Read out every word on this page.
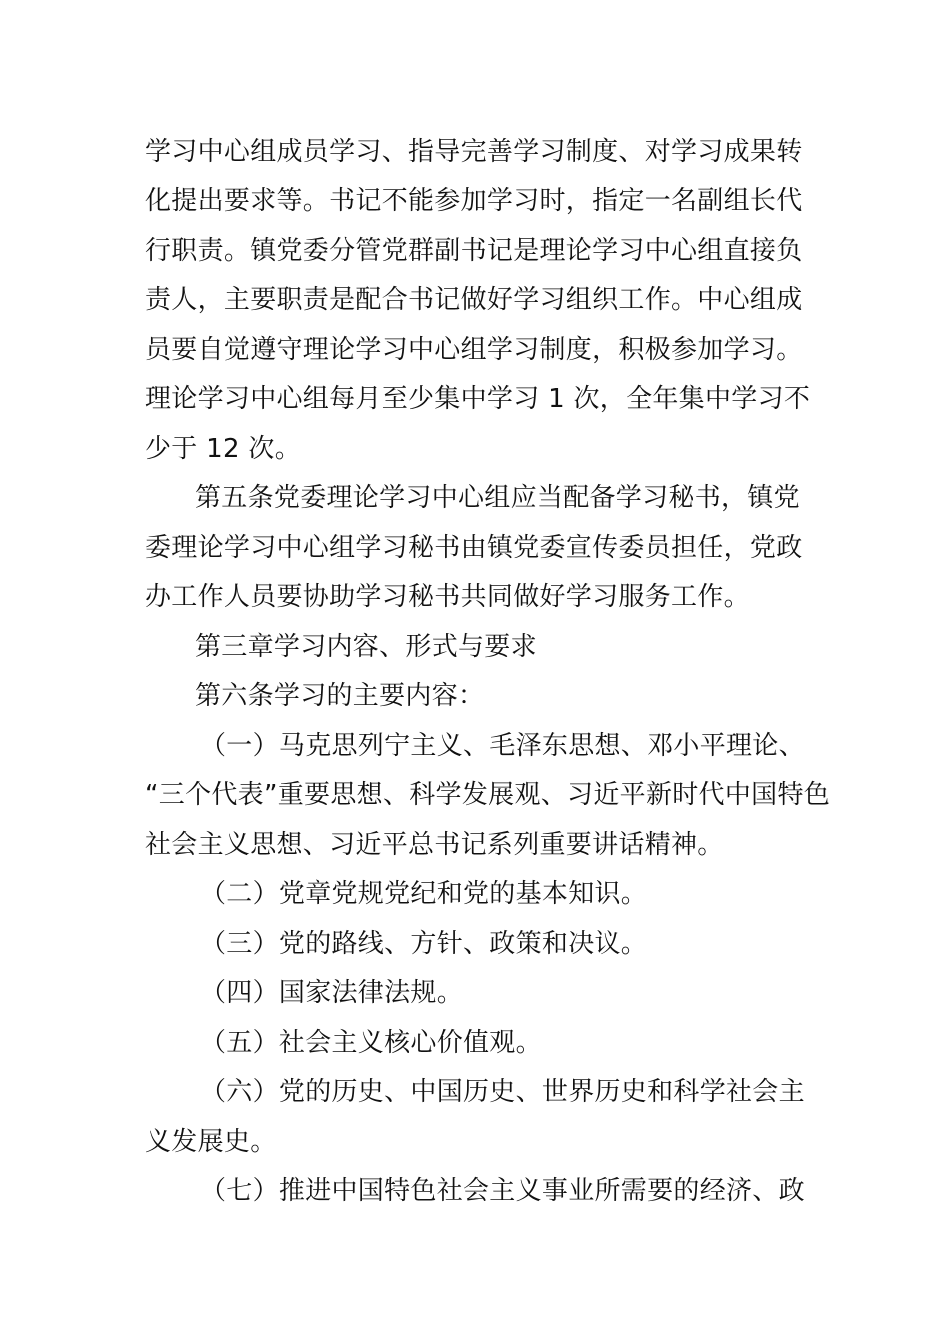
学习中心组成员学习、指导完善学习制度、对学习成果转
化提出要求等。书记不能参加学习时，指定一名副组长代
行职责。镇党委分管党群副书记是理论学习中心组直接负
责人，主要职责是配合书记做好学习组织工作。中心组成
员要自觉遵守理论学习中心组学习制度，积极参加学习。
理论学习中心组每月至少集中学习 1 次，全年集中学习不
少于 12 次。
第五条党委理论学习中心组应当配备学习秘书，镇党
委理论学习中心组学习秘书由镇党委宣传委员担任，党政
办工作人员要协助学习秘书共同做好学习服务工作。
第三章学习内容、形式与要求
第六条学习的主要内容：
（一）马克思列宁主义、毛泽东思想、邓小平理论、
“三个代表”重要思想、科学发展观、习近平新时代中国特色
社会主义思想、习近平总书记系列重要讲话精神。
（二）党章党规党纪和党的基本知识。
（三）党的路线、方针、政策和决议。
（四）国家法律法规。
（五）社会主义核心价值观。
（六）党的历史、中国历史、世界历史和科学社会主
义发展史。
（七）推进中国特色社会主义事业所需要的经济、政
